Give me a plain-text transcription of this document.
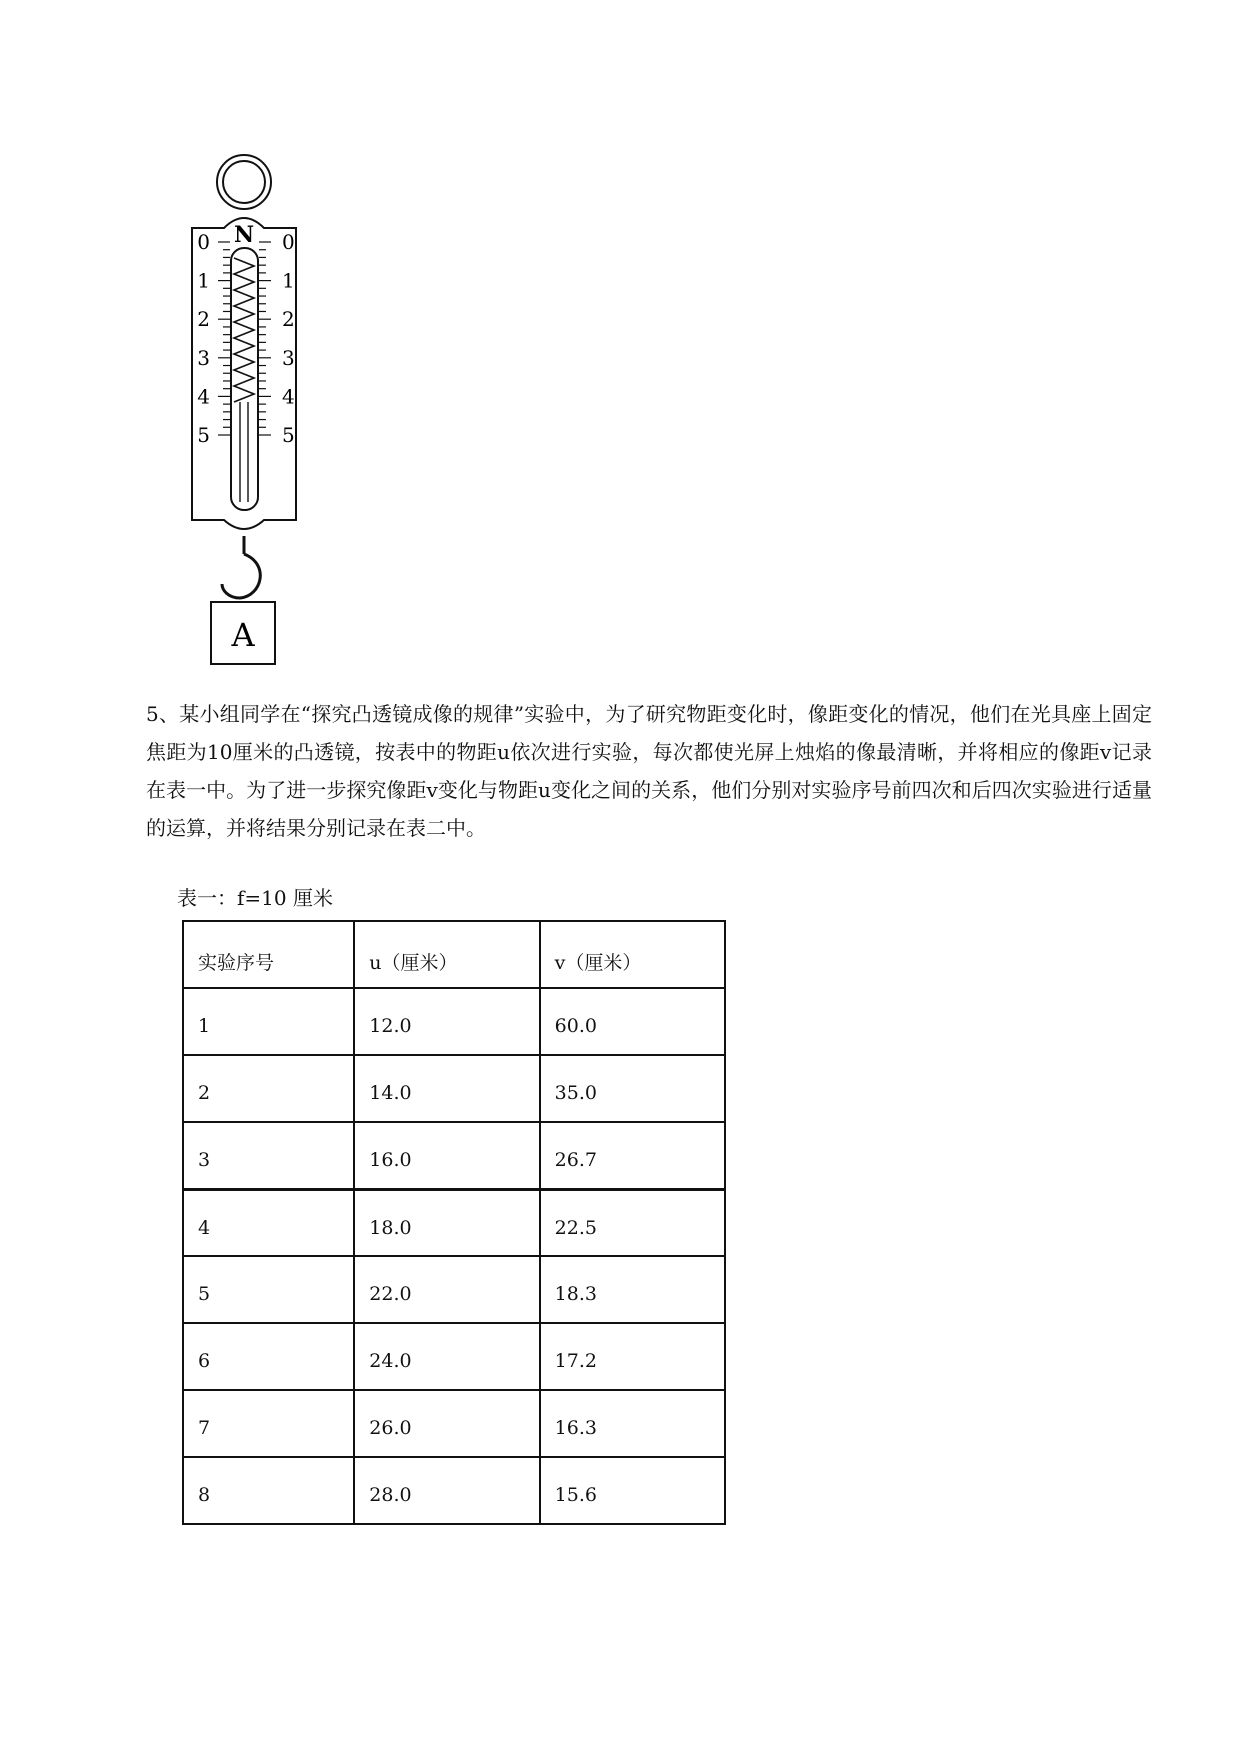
N
0	0
1	1
2	2
3	3
4	4
5	5
A

5、某小组同学在“探究凸透镜成像的规律”实验中，为了研究物距变化时，像距变化的情况，他们在光具座上固定焦距为10厘米的凸透镜，按表中的物距u依次进行实验，每次都使光屏上烛焰的像最清晰，并将相应的像距v记录在表一中。为了进一步探究像距v变化与物距u变化之间的关系，他们分别对实验序号前四次和后四次实验进行适量的运算，并将结果分别记录在表二中。

表一：f=10 厘米

实验序号	u（厘米）	v（厘米）
1	12.0	60.0
2	14.0	35.0
3	16.0	26.7
4	18.0	22.5
5	22.0	18.3
6	24.0	17.2
7	26.0	16.3
8	28.0	15.6
